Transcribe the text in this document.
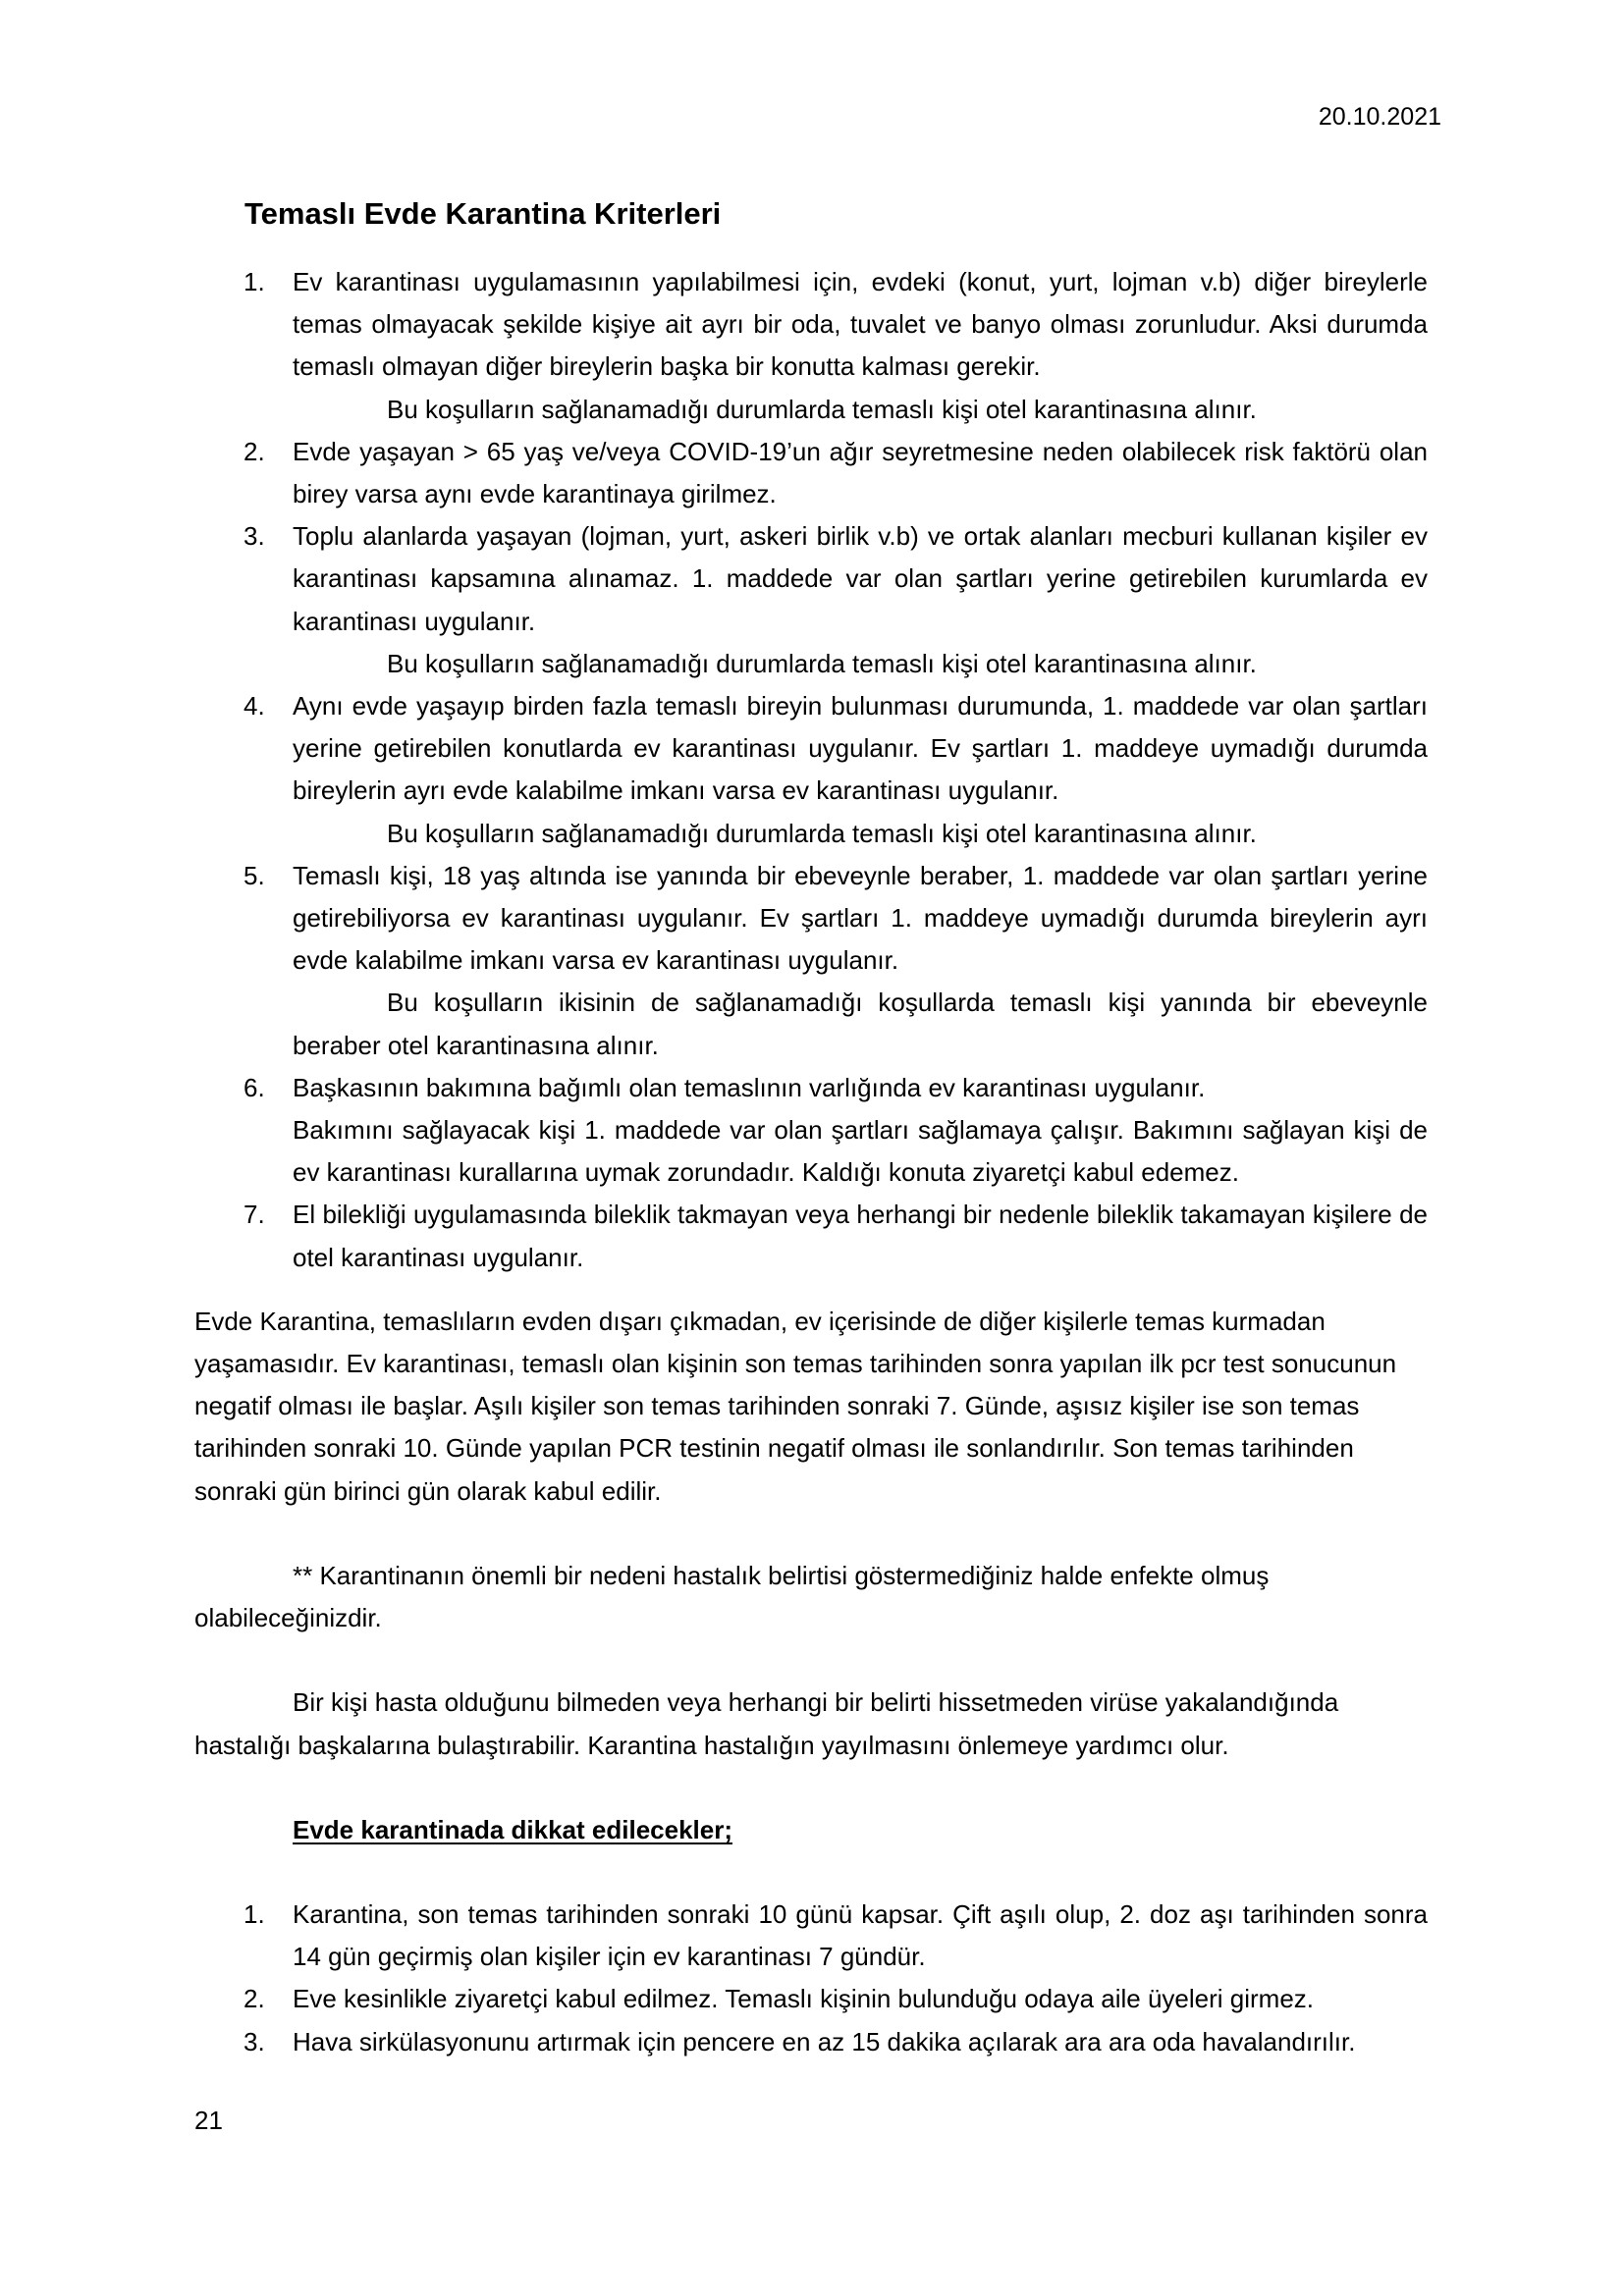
20.10.2021
Temaslı Evde Karantina Kriterleri
1. Ev karantinası uygulamasının yapılabilmesi için, evdeki (konut, yurt, lojman v.b) diğer bireylerle temas olmayacak şekilde kişiye ait ayrı bir oda, tuvalet ve banyo olması zorunludur. Aksi durumda temaslı olmayan diğer bireylerin başka bir konutta kalması gerekir.
Bu koşulların sağlanamadığı durumlarda temaslı kişi otel karantinasına alınır.
2. Evde yaşayan > 65 yaş ve/veya COVID-19’un ağır seyretmesine neden olabilecek risk faktörü olan birey varsa aynı evde karantinaya girilmez.
3. Toplu alanlarda yaşayan (lojman, yurt, askeri birlik v.b) ve ortak alanları mecburi kullanan kişiler ev karantinası kapsamına alınamaz. 1. maddede var olan şartları yerine getirebilen kurumlarda ev karantinası uygulanır.
Bu koşulların sağlanamadığı durumlarda temaslı kişi otel karantinasına alınır.
4. Aynı evde yaşayıp birden fazla temaslı bireyin bulunması durumunda, 1. maddede var olan şartları yerine getirebilen konutlarda ev karantinası uygulanır. Ev şartları 1. maddeye uymadığı durumda bireylerin ayrı evde kalabilme imkanı varsa ev karantinası uygulanır.
Bu koşulların sağlanamadığı durumlarda temaslı kişi otel karantinasına alınır.
5. Temaslı kişi, 18 yaş altında ise yanında bir ebeveynle beraber, 1. maddede var olan şartları yerine getirebiliyorsa ev karantinası uygulanır. Ev şartları 1. maddeye uymadığı durumda bireylerin ayrı evde kalabilme imkanı varsa ev karantinası uygulanır.
Bu koşulların ikisinin de sağlanamadığı koşullarda temaslı kişi yanında bir ebeveynle beraber otel karantinasına alınır.
6. Başkasının bakımına bağımlı olan temaslının varlığında ev karantinası uygulanır.
Bakımını sağlayacak kişi 1. maddede var olan şartları sağlamaya çalışır. Bakımını sağlayan kişi de ev karantinası kurallarına uymak zorundadır. Kaldığı konuta ziyaretçi kabul edemez.
7. El bilekliği uygulamasında bileklik takmayan veya herhangi bir nedenle bileklik takamayan kişilere de otel karantinası uygulanır.

Evde Karantina, temaslıların evden dışarı çıkmadan, ev içerisinde de diğer kişilerle temas kurmadan yaşamasıdır. Ev karantinası, temaslı olan kişinin son temas tarihinden sonra yapılan ilk pcr test sonucunun negatif olması ile başlar. Aşılı kişiler son temas tarihinden sonraki 7. Günde, aşısız kişiler ise son temas tarihinden sonraki 10. Günde yapılan PCR testinin negatif olması ile sonlandırılır. Son temas tarihinden sonraki gün birinci gün olarak kabul edilir.

** Karantinanın önemli bir nedeni hastalık belirtisi göstermediğiniz halde enfekte olmuş olabileceğinizdir.

Bir kişi hasta olduğunu bilmeden veya herhangi bir belirti hissetmeden virüse yakalandığında hastalığı başkalarına bulaştırabilir. Karantina hastalığın yayılmasını önlemeye yardımcı olur.

Evde karantinada dikkat edilecekler;

1. Karantina, son temas tarihinden sonraki 10 günü kapsar. Çift aşılı olup, 2. doz aşı tarihinden sonra 14 gün geçirmiş olan kişiler için ev karantinası 7 gündür.
2. Eve kesinlikle ziyaretçi kabul edilmez. Temaslı kişinin bulunduğu odaya aile üyeleri girmez.
3. Hava sirkülasyonunu artırmak için pencere en az 15 dakika açılarak ara ara oda havalandırılır.
21
